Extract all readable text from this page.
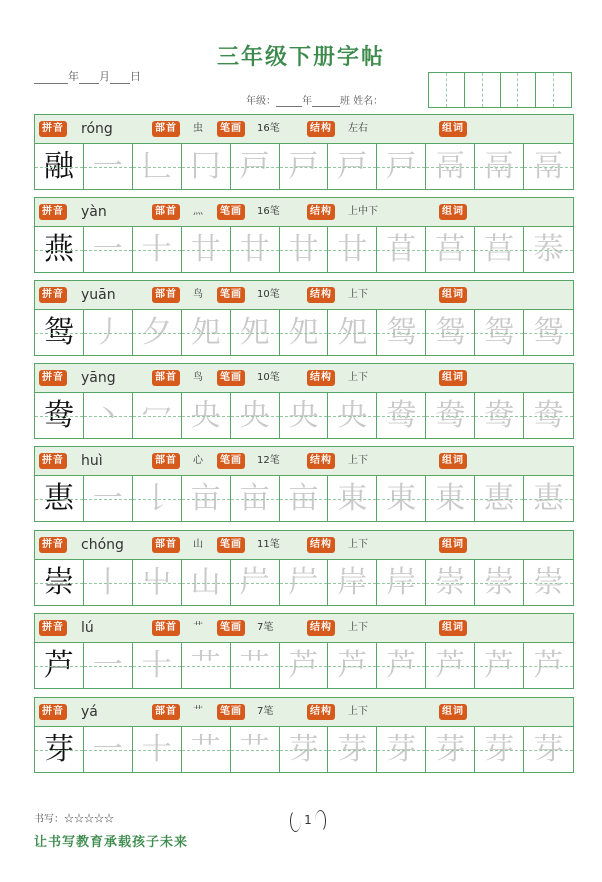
三年级下册字帖
年 月 日
年级：	年	班 姓名：
拼音 róng	部首	虫	笔画	16笔	结构	左右	组词
融 一 𠃊 冂 戸 戸 戸 戸 鬲 鬲 鬲
拼音 yàn	部首	灬	笔画	16笔	结构	上中下	组词
燕 一 十 廿 廿 廿 廿 苜 莒 莒 菾
拼音 yuān	部首	鸟	笔画	10笔	结构	上下	组词
鸳 丿 夕 夗 夗 夗 夗 鸳 鸳 鸳 鸳
拼音 yāng	部首	鸟	笔画	10笔	结构	上下	组词
鸯 丶 冖 央 央 央 央 鸯 鸯 鸯 鸯
拼音 huì	部首	心	笔画	12笔	结构	上下	组词
惠 一 𠄌 亩 亩 亩 東 東 東 惠 惠
拼音 chóng	部首	山	笔画	11笔	结构	上下	组词
崇 丨 屮 山 屵 屵 岸 岸 崇 崇 崇
拼音 lú	部首	艹	笔画	7笔	结构	上下	组词
芦 一 十 艹 艹 芦 芦 芦 芦 芦 芦
拼音 yá	部首	艹	笔画	7笔	结构	上下	组词
芽 一 十 艹 艹 芽 芽 芽 芽 芽 芽
书写：☆☆☆☆☆	1
让书写教育承载孩子未来
